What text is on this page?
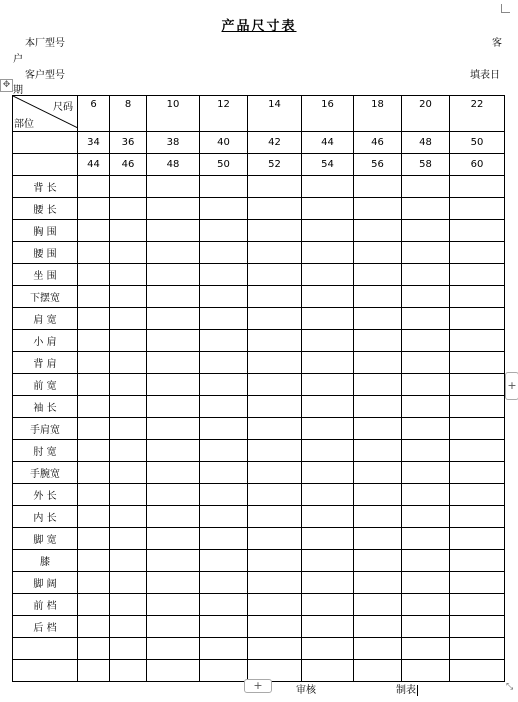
产品尺寸表
本厂型号	客
户
客户型号	填表日
期
✥
尺码
部位	6	8	10	12	14	16	18	20	22
	34	36	38	40	42	44	46	48	50
	44	46	48	50	52	54	56	58	60
背 长									
腰 长									
胸 围									
腰 围									
坐 围									
下摆宽									
肩 宽									
小 肩									
背 肩									
前 宽									
袖 长									
手肩宽									
肘 宽									
手腕宽									
外 长									
内 长									
脚 宽									
膝									
脚 阔									
前 档									
后 档									

+
+	审核	制表	⤡
